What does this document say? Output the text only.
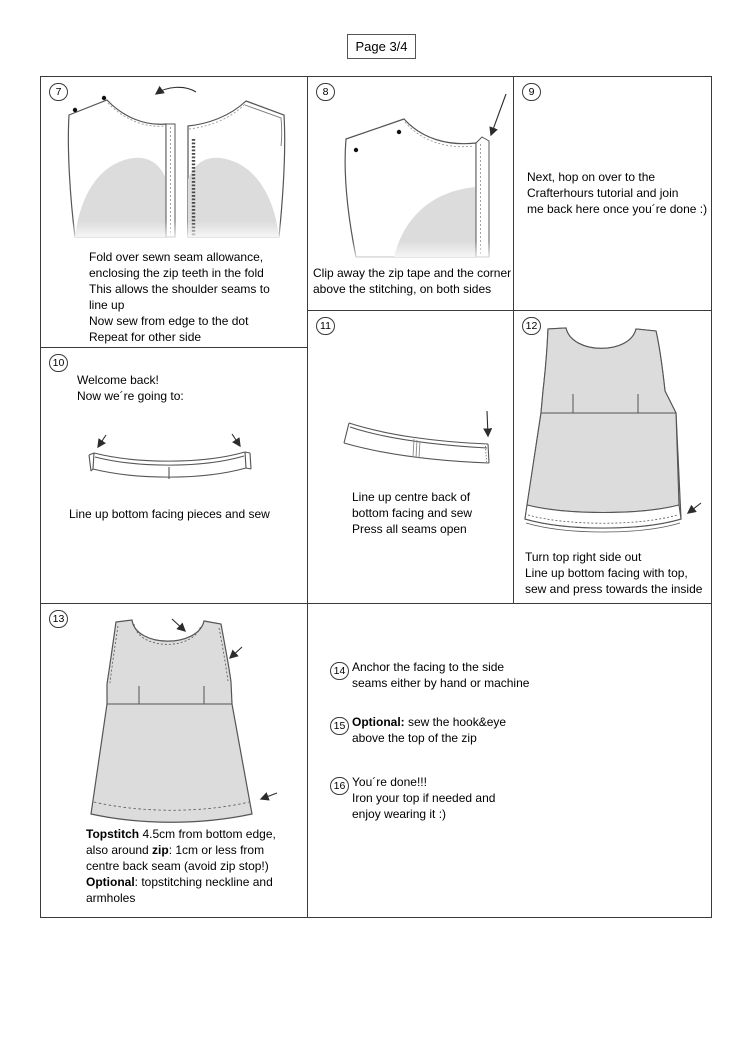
Page 3/4
7
Fold over sewn seam allowance,
enclosing the zip teeth in the fold
This allows the shoulder seams to
line up
Now sew from edge to the dot
Repeat for other side
8
Clip away the zip tape and the corner
above the stitching, on both sides
9
Next, hop on over to the
Crafterhours tutorial and join
me back here once you´re done :)
10
Welcome back!
Now we´re going to:
Line up bottom facing pieces and sew
11
Line up centre back of
bottom facing and sew
Press all seams open
12
Turn top right side out
Line up bottom facing with top,
sew and press towards the inside
13
Topstitch 4.5cm from bottom edge,
also around zip: 1cm or less from
centre back seam (avoid zip stop!)
Optional: topstitching neckline and
armholes
14 Anchor the facing to the side
seams either by hand or machine
15 Optional: sew the hook&eye
above the top of the zip
16 You´re done!!!
Iron your top if needed and
enjoy wearing it :)
